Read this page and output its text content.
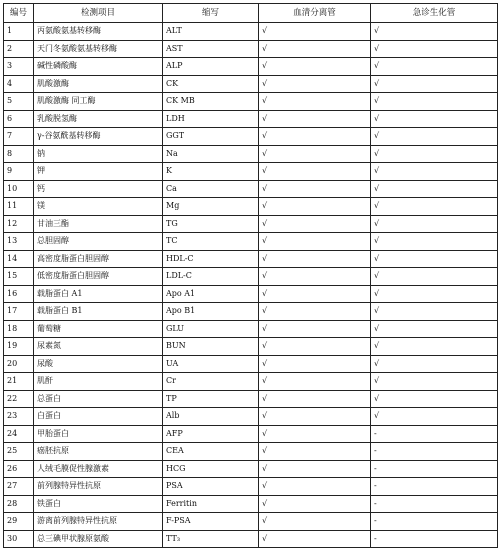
编号	检测项目	缩写	血清分离管	急诊生化管
1	丙氨酸氨基转移酶	ALT	√	√
2	天门冬氨酸氨基转移酶	AST	√	√
3	碱性磷酸酶	ALP	√	√
4	肌酸激酶	CK	√	√
5	肌酸激酶 同工酶	CK MB	√	√
6	乳酸脱氢酶	LDH	√	√
7	γ-谷氨酰基转移酶	GGT	√	√
8	钠	Na	√	√
9	钾	K	√	√
10	钙	Ca	√	√
11	镁	Mg	√	√
12	甘油三酯	TG	√	√
13	总胆固醇	TC	√	√
14	高密度脂蛋白胆固醇	HDL-C	√	√
15	低密度脂蛋白胆固醇	LDL-C	√	√
16	载脂蛋白 A1	Apo A1	√	√
17	载脂蛋白 B1	Apo B1	√	√
18	葡萄糖	GLU	√	√
19	尿素氮	BUN	√	√
20	尿酸	UA	√	√
21	肌酐	Cr	√	√
22	总蛋白	TP	√	√
23	白蛋白	Alb	√	√
24	甲胎蛋白	AFP	√	-
25	癌胚抗原	CEA	√	-
26	人绒毛膜促性腺激素	HCG	√	-
27	前列腺特异性抗原	PSA	√	-
28	铁蛋白	Ferritin	√	-
29	游离前列腺特异性抗原	F-PSA	√	-
30	总三碘甲状腺原氨酸	TT₃	√	-
